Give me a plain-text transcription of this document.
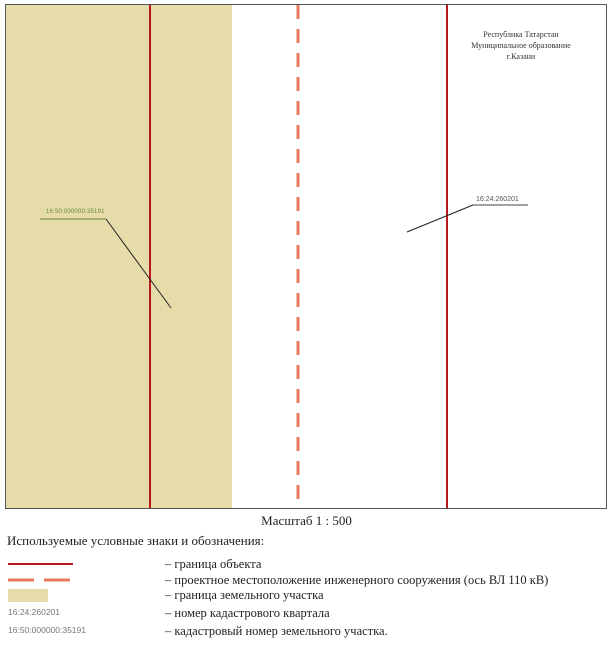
Республика Татарстан
Муниципальное образование
г.Казани
16:24:260201
16:50:000000:35191
Масштаб 1 : 500
Используемые условные знаки и обозначения:
– граница объекта
– проектное местоположение инженерного сооружения (ось ВЛ 110 кВ)
– граница земельного участка
16:24:260201	– номер кадастрового квартала
16:50:000000:35191	– кадастровый номер земельного участка.
